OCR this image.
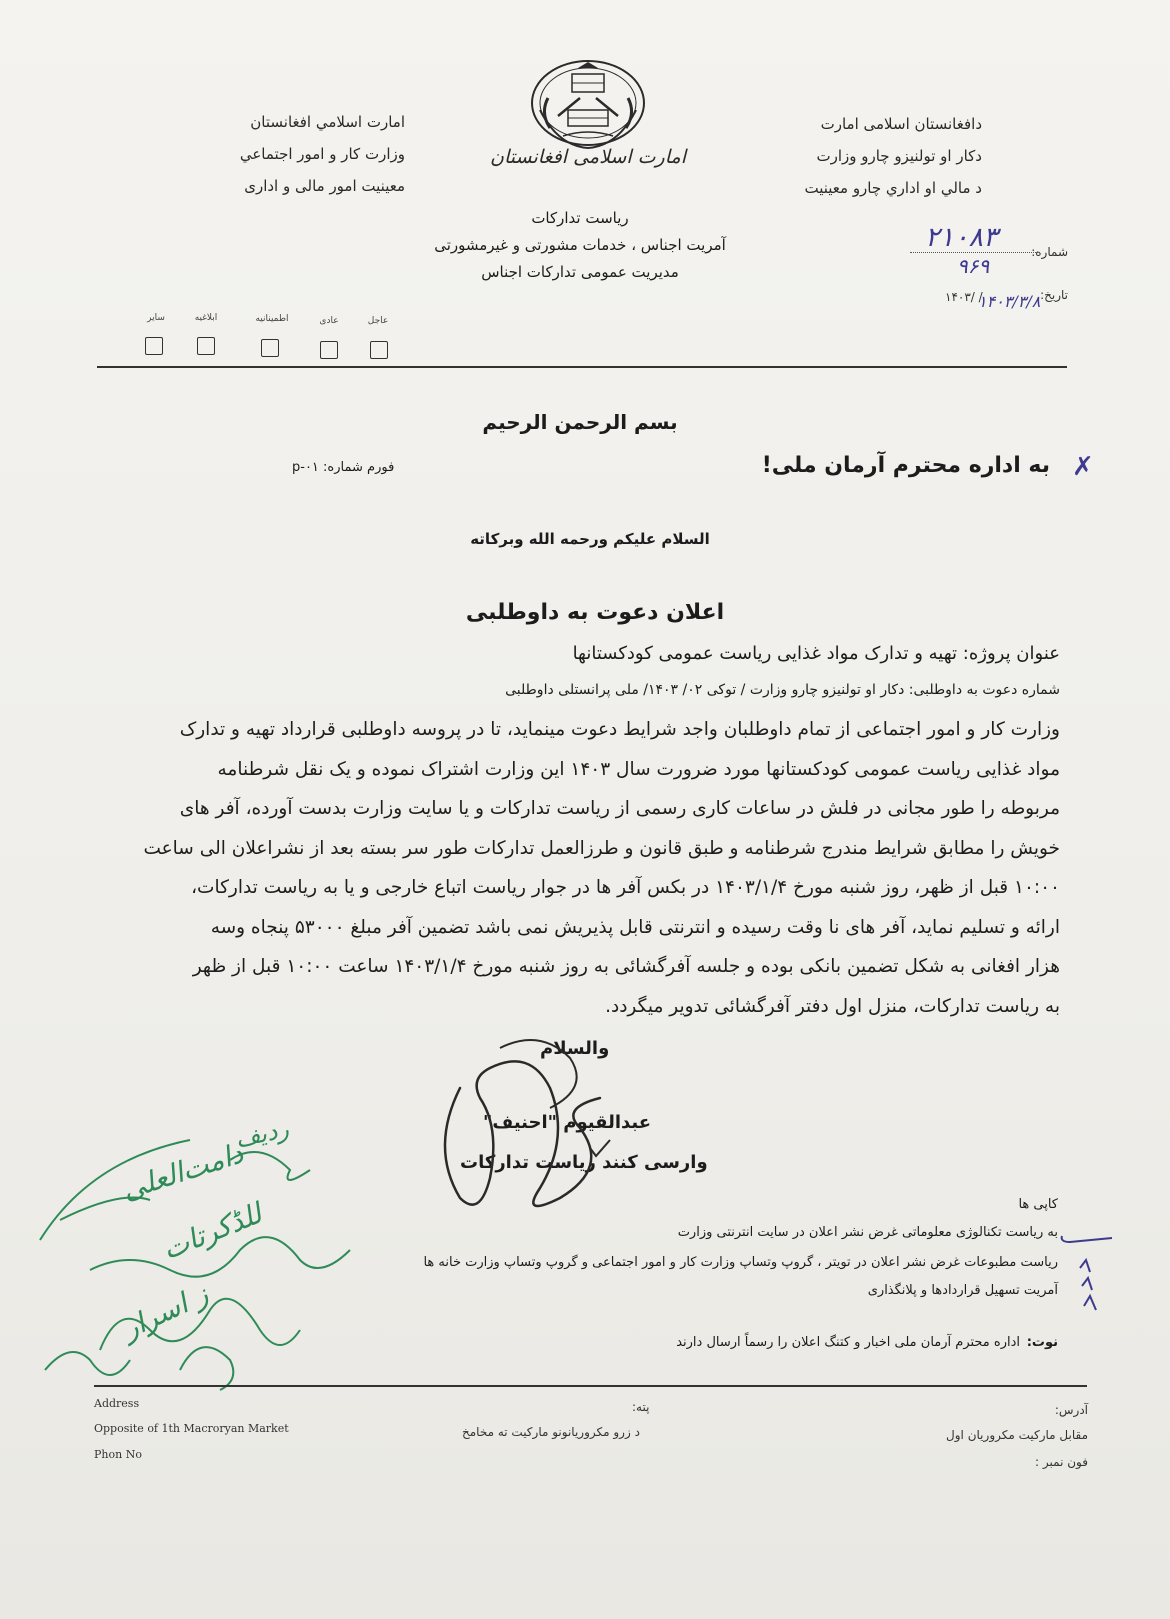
دافغانستان اسلامی امارت
دکار او تولنیزو چارو وزارت
د مالي او اداري چارو معینیت
امارت اسلامي افغانستان
وزارت کار و امور اجتماعي
معینیت امور مالی و اداری
امارت اسلامی افغانستان
ریاست تدارکات
آمریت اجناس ، خدمات مشورتی و غیرمشورتی
مدیریت عمومی تدارکات اجناس
شماره:
۲۱۰۸۳
۹۶۹
تاریخ:
۱۴۰۳/ /
۱۴۰۳/۳/۸
عاجل
عادی
اطمینانیه
ابلاغیه
سایر
بسم الرحمن الرحیم
به اداره محترم آرمان ملی! ✗
فورم شماره: p-۰۱
السلام علیکم ورحمه الله وبرکاته
اعلان دعوت به داوطلبی
عنوان پروژه: تهیه و تدارک مواد غذایی ریاست عمومی کودکستانها
شماره دعوت به داوطلبی: دکار او تولنیزو چارو وزارت / توکی ۰۲/ ۱۴۰۳/ ملی پرانستلی داوطلبی
وزارت کار و امور اجتماعی از تمام داوطلبان واجد شرایط دعوت مینماید، تا در پروسه داوطلبی قرارداد تهیه و تدارک
مواد غذایی ریاست عمومی کودکستانها مورد ضرورت سال ۱۴۰۳ این وزارت اشتراک نموده و یک نقل شرطنامه
مربوطه را طور مجانی در فلش در ساعات کاری رسمی از ریاست تدارکات و یا سایت وزارت بدست آورده، آفر های
خویش را مطابق شرایط مندرج شرطنامه و طبق قانون و طرزالعمل تدارکات طور سر بسته بعد از نشراعلان الی ساعت
۱۰:۰۰ قبل از ظهر، روز شنبه مورخ ۱۴۰۳/۱/۴ در بکس آفر ها در جوار ریاست اتباع خارجی و یا به ریاست تدارکات،
ارائه و تسلیم نماید، آفر های نا وقت رسیده و انترنتی قابل پذیریش نمی باشد تضمین آفر مبلغ ۵۳۰۰۰ پنجاه وسه
هزار افغانی به شکل تضمین بانکی بوده و جلسه آفرگشائی به روز شنبه مورخ ۱۴۰۳/۱/۴ ساعت ۱۰:۰۰ قبل از ظهر
به ریاست تدارکات، منزل اول دفتر آفرگشائی تدویر میگردد.
والسلام
عبدالقیوم "احنیف"
وارسی کنند ریاست تدارکات
کاپی ها
به ریاست تکنالوژی معلوماتی غرض نشر اعلان در سایت انترنتی وزارت
ریاست مطبوعات غرض نشر اعلان در تویتر ، گروپ وتساپ وزارت کار و امور اجتماعی و گروپ وتساپ وزارت خانه ها
آمریت تسهیل قراردادها و پلانگذاری
نوت:
اداره محترم آرمان ملی اخبار و کتنگ اعلان را رسماً ارسال دارند
ردیف
دامت‌العلی
للڈکرتات
ز اسرار
آدرس:
مقابل مارکیت مکروریان اول
فون نمبر :
پته:
د زرو مکروریانونو مارکیت ته مخامخ
Address
Opposite of 1th Macroryan Market
Phon No
